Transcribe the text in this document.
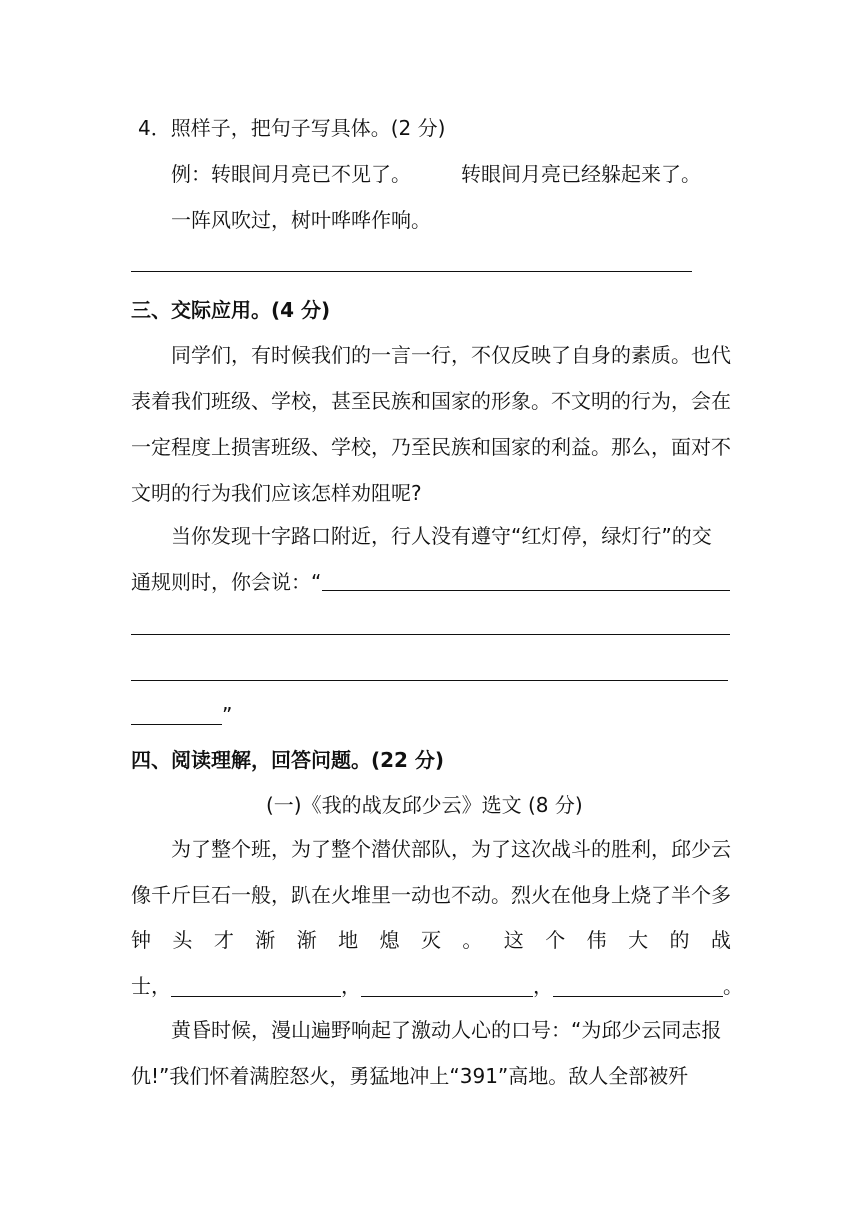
4．照样子，把句子写具体。(2 分)
例：转眼间月亮已不见了。	转眼间月亮已经躲起来了。
一阵风吹过，树叶哗哗作响。
三、交际应用。(4 分)
同学们，有时候我们的一言一行，不仅反映了自身的素质。也代
表着我们班级、学校，甚至民族和国家的形象。不文明的行为，会在
一定程度上损害班级、学校，乃至民族和国家的利益。那么，面对不
文明的行为我们应该怎样劝阻呢?
当你发现十字路口附近，行人没有遵守“红灯停，绿灯行”的交
通规则时，你会说：“
”
四、阅读理解，回答问题。(22 分)
(一)《我的战友邱少云》选文 (8 分)
为了整个班，为了整个潜伏部队，为了这次战斗的胜利，邱少云
像千斤巨石一般，趴在火堆里一动也不动。烈火在他身上烧了半个多
钟 头 才 渐 渐 地 熄 灭 。 这 个 伟 大 的 战
士，	，	，	。
黄昏时候，漫山遍野响起了激动人心的口号：“为邱少云同志报
仇!”我们怀着满腔怒火，勇猛地冲上“391”高地。敌人全部被歼
